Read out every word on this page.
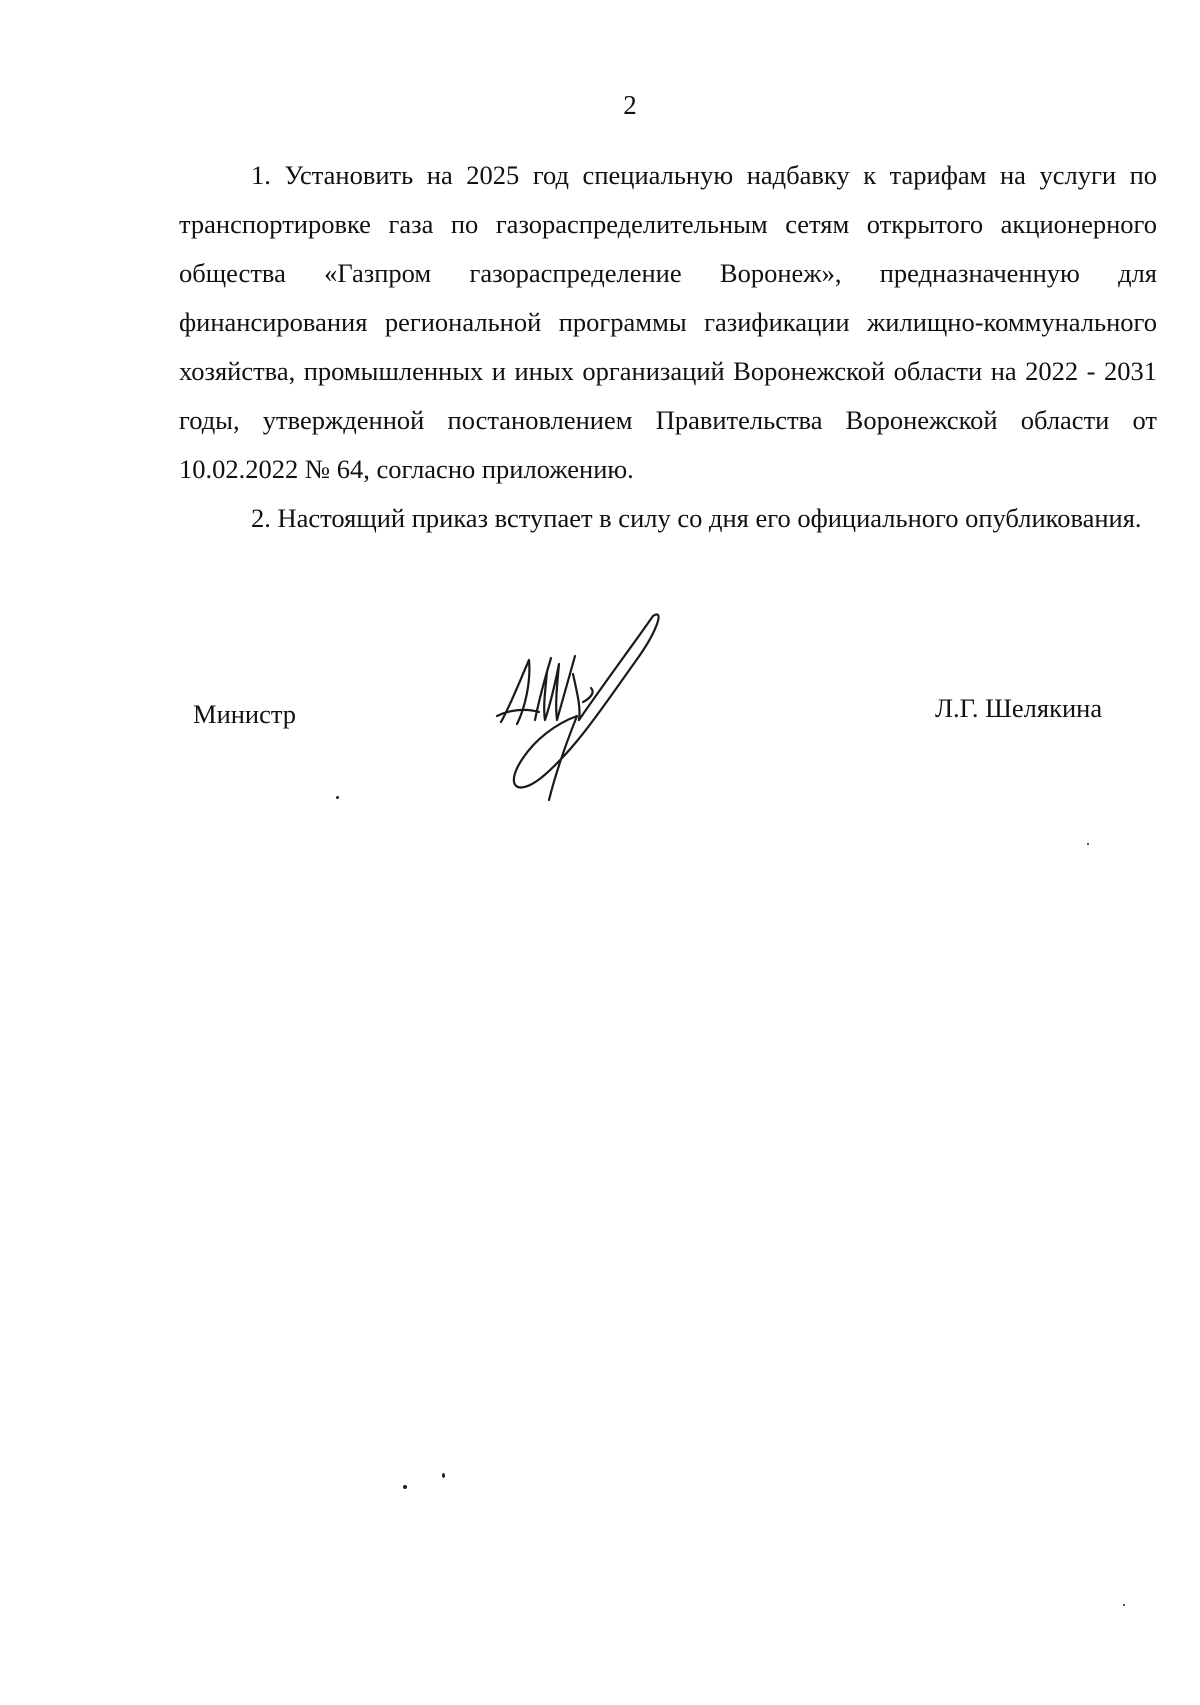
2

1. Установить на 2025 год специальную надбавку к тарифам на услуги по транспортировке газа по газораспределительным сетям открытого акционерного общества «Газпром газораспределение Воронеж», предназначенную для финансирования региональной программы газификации жилищно-коммунального хозяйства, промышленных и иных организаций Воронежской области на 2022 - 2031 годы, утвержденной постановлением Правительства Воронежской области от 10.02.2022 № 64, согласно приложению.

2. Настоящий приказ вступает в силу со дня его официального опубликования.

Министр	Л.Г. Шелякина
